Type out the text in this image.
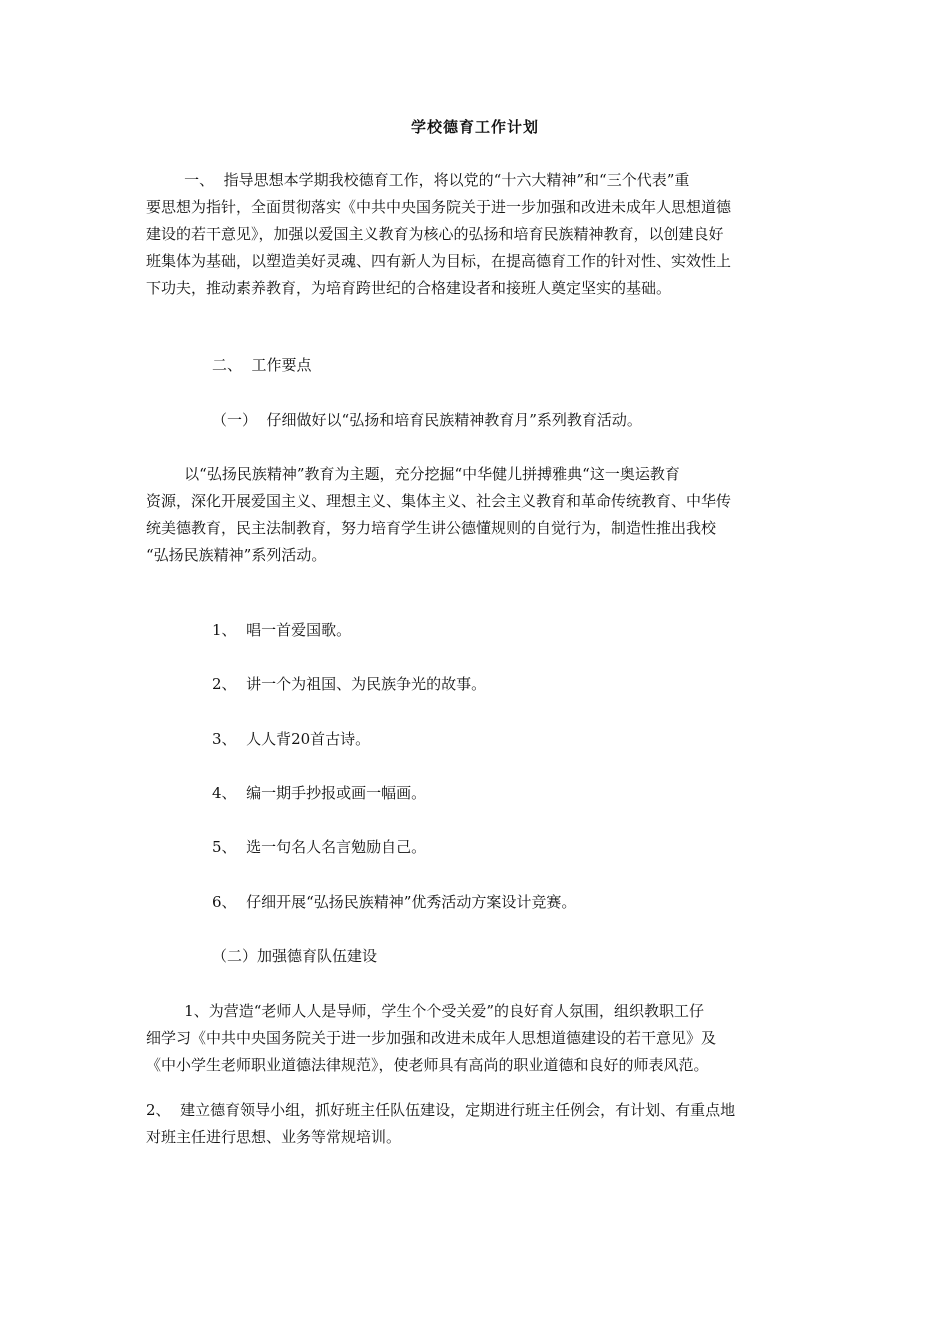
学校德育工作计划
一、  指导思想本学期我校德育工作，将以党的“十六大精神”和“三个代表”重
要思想为指针，全面贯彻落实《中共中央国务院关于进一步加强和改进未成年人思想道德
建设的若干意见》，加强以爱国主义教育为核心的弘扬和培育民族精神教育，以创建良好
班集体为基础，以塑造美好灵魂、四有新人为目标，在提高德育工作的针对性、实效性上
下功夫，推动素养教育，为培育跨世纪的合格建设者和接班人奠定坚实的基础。
二、  工作要点
（一）  仔细做好以“弘扬和培育民族精神教育月”系列教育活动。
以“弘扬民族精神”教育为主题，充分挖掘“中华健儿拼搏雅典“这一奥运教育
资源，深化开展爱国主义、理想主义、集体主义、社会主义教育和革命传统教育、中华传
统美德教育，民主法制教育，努力培育学生讲公德懂规则的自觉行为，制造性推出我校
“弘扬民族精神”系列活动。
1、  唱一首爱国歌。
2、  讲一个为祖国、为民族争光的故事。
3、  人人背20首古诗。
4、  编一期手抄报或画一幅画。
5、  选一句名人名言勉励自己。
6、  仔细开展“弘扬民族精神”优秀活动方案设计竞赛。
（二）加强德育队伍建设
1、为营造“老师人人是导师，学生个个受关爱”的良好育人氛围，组织教职工仔
细学习《中共中央国务院关于进一步加强和改进未成年人思想道德建设的若干意见》及
《中小学生老师职业道德法律规范》，使老师具有高尚的职业道德和良好的师表风范。
2、  建立德育领导小组，抓好班主任队伍建设，定期进行班主任例会，有计划、有重点地
对班主任进行思想、业务等常规培训。
